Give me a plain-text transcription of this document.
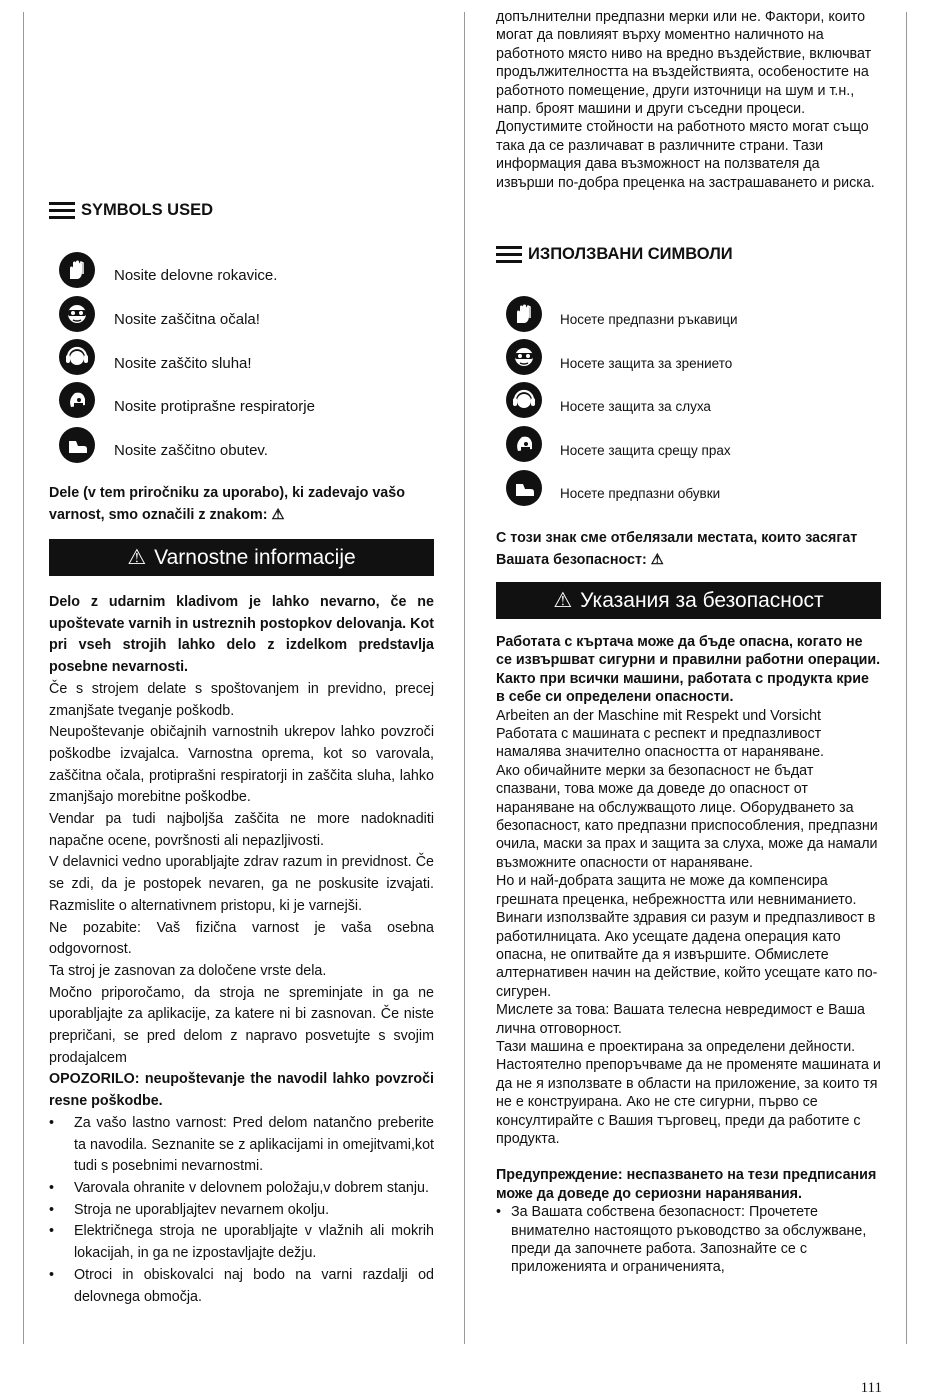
SYMBOLS USED
Nosite delovne rokavice.
Nosite zaščitna očala!
Nosite zaščito sluha!
Nosite protiprašne respiratorje
Nosite zaščitno obutev.
Dele (v tem priročniku za uporabo), ki zadevajo vašo varnost, smo označili z znakom: ⚠
⚠ Varnostne informacije

Delo z udarnim kladivom je lahko nevarno, če ne upoštevate varnih in ustreznih postopkov delovanja. Kot pri vseh strojih lahko delo z izdelkom predstavlja posebne nevarnosti.

Če s strojem delate s spoštovanjem in previdno, precej zmanjšate tveganje poškodb.

Neupoštevanje običajnih varnostnih ukrepov lahko povzroči poškodbe izvajalca. Varnostna oprema, kot so varovala, zaščitna očala, protiprašni respiratorji in zaščita sluha, lahko zmanjšajo morebitne poškodbe.

Vendar pa tudi najboljša zaščita ne more nadoknaditi napačne ocene, površnosti ali nepazljivosti.

V delavnici vedno uporabljajte zdrav razum in previdnost. Če se zdi, da je postopek nevaren, ga ne poskusite izvajati. Razmislite o alternativnem pristopu, ki je varnejši.

Ne pozabite: Vaš fizična varnost je vaša osebna odgovornost.

Ta stroj je zasnovan za določene vrste dela.

Močno priporočamo, da stroja ne spreminjate in ga ne uporabljajte za aplikacije, za katere ni bi zasnovan. Če niste prepričani, se pred delom z napravo posvetujte s svojim prodajalcem

OPOZORILO: neupoštevanje the navodil lahko povzroči resne poškodbe.

• Za vašo lastno varnost: Pred delom natančno preberite ta navodila. Seznanite se z aplikacijami in omejitvami,kot tudi s posebnimi nevarnostmi.
• Varovala ohranite v delovnem položaju,v dobrem stanju.
• Stroja ne uporabljajtev nevarnem okolju.
• Električnega stroja ne uporabljajte v vlažnih ali mokrih lokacijah, in ga ne izpostavljajte dežju.
• Otroci in obiskovalci naj bodo na varni razdalji od delovnega območja.
допълнителни предпазни мерки или не. Фактори, които могат да повлияят върху моментно наличното на работното място ниво на вредно въздействие, включват продължителността на въздействията, особеностите на работното помещение, други източници на шум и т.н., напр. броят машини и други съседни процеси. Допустимите стойности на работното място могат също така да се различават в различните страни. Тази информация дава възможност на ползвателя да извърши по-добра преценка на застрашаването и риска.
ИЗПОЛЗВАНИ СИМВОЛИ
Носете предпазни ръкавици
Носете защита за зрението
Носете защита за слуха
Носете защита срещу прах
Носете предпазни обувки
С този знак сме отбелязали местата, които засягат Вашата безопасност: ⚠
⚠ Указания за безопасност

Работата с къртача може да бъде опасна, когато не се извършват сигурни и правилни работни операции. Както при всички машини, работата с продукта крие в себе си определени опасности.

Arbeiten an der Maschine mit Respekt und Vorsicht

Работата с машината с респект и предпазливост намалява значително опасността от нараняване.

Ако обичайните мерки за безопасност не бъдат спазвани, това може да доведе до опасност от нараняване на обслужващото лице. Оборудването за безопасност, като предпазни приспособления, предпазни очила, маски за прах и защита за слуха, може да намали възможните опасности от нараняване.

Но и най-добрата защита не може да компенсира грешната преценка, небрежността или невниманието.

Винаги използвайте здравия си разум и предпазливост в работилницата. Ако усещате дадена операция като опасна, не опитвайте да я извършите. Обмислете алтернативен начин на действие, който усещате като по-сигурен.

Мислете за това: Вашата телесна невредимост е Ваша лична отговорност.

Тази машина е проектирана за определени дейности.

Настоятелно препоръчваме да не променяте машината и да не я използвате в области на приложение, за които тя не е конструирана. Ако не сте сигурни, първо се консултирайте с Вашия търговец, преди да работите с продукта.

Предупреждение: неспазването на тези предписания може да доведе до сериозни наранявания.

• За Вашата собствена безопасност: Прочетете внимателно настоящото ръководство за обслужване, преди да започнете работа. Запознайте се с приложенията и ограниченията,
111
